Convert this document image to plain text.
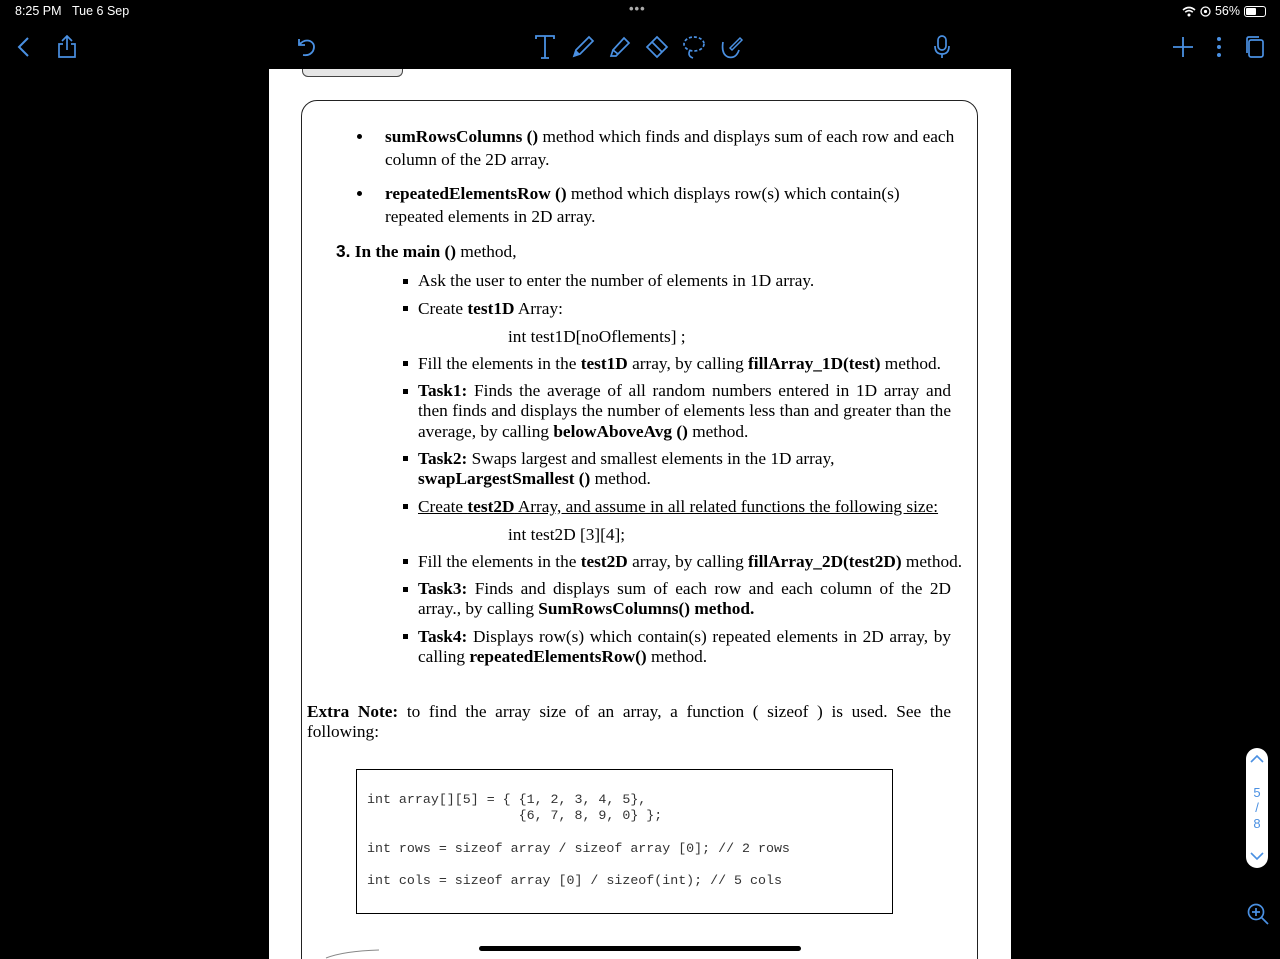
8:25 PM Tue 6 Sep	•••	56%
sumRowsColumns () method which finds and displays sum of each row and each
column of the 2D array.
repeatedElementsRow () method which displays row(s) which contain(s)
repeated elements in 2D array.
3. In the main () method,
Ask the user to enter the number of elements in 1D array.
Create test1D Array:
int test1D[noOflements] ;
Fill the elements in the test1D array, by calling fillArray_1D(test) method.
Task1: Finds the average of all random numbers entered in 1D array and
then finds and displays the number of elements less than and greater than the
average, by calling belowAboveAvg () method.
Task2: Swaps largest and smallest elements in the 1D array,
swapLargestSmallest () method.
Create test2D Array, and assume in all related functions the following size:
int test2D [3][4];
Fill the elements in the test2D array, by calling fillArray_2D(test2D) method.
Task3: Finds and displays sum of each row and each column of the 2D
array., by calling SumRowsColumns() method.
Task4: Displays row(s) which contain(s) repeated elements in 2D array, by
calling repeatedElementsRow() method.
Extra Note: to find the array size of an array, a function ( sizeof ) is used. See the
following:
int array[][5] = { {1, 2, 3, 4, 5},
{6, 7, 8, 9, 0} };
int rows = sizeof array / sizeof array [0]; // 2 rows
int cols = sizeof array [0] / sizeof(int); // 5 cols
5
/
8
